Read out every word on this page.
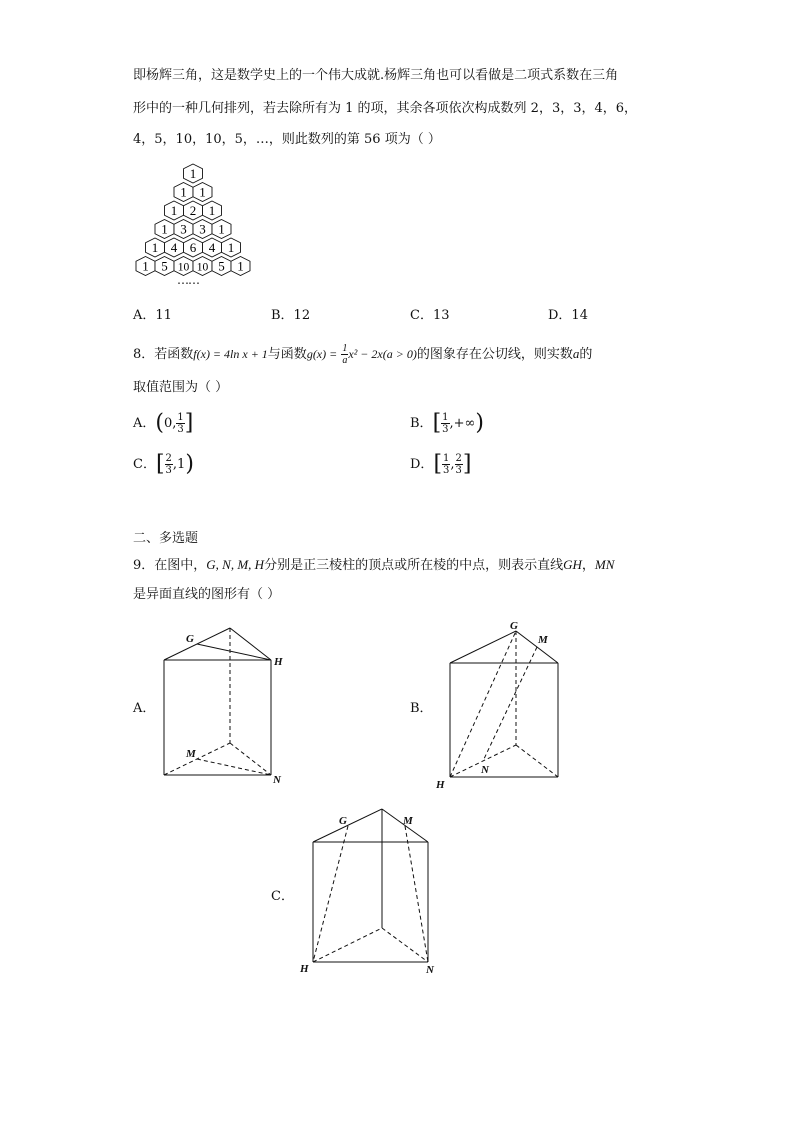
即杨辉三角，这是数学史上的一个伟大成就.杨辉三角也可以看做是二项式系数在三角
形中的一种几何排列，若去除所有为 1 的项，其余各项依次构成数列 2，3，3，4，6，
4，5，10，10，5，…，则此数列的第 56 项为（ ）
1
1 1
1 2 1
1 3 3 1
1 4 6 4 1
1 5 10 10 5 1
……
A．11	B．12	C．13	D．14
8．若函数f(x) = 4ln x + 1与函数$g(x) = \frac{1}{a} x^2 - 2x(a > 0)$的图象存在公切线，则实数a的
取值范围为（ ）
A．(0, $\frac{1}{3}$ ]	B．[ $\frac{1}{3}$ ,+∞)
C．[ $\frac{2}{3} ,1$)	D．[ $\frac{1}{3}$ , $\frac{2}{3}$ ]
二、多选题
9．在图中，G, N, M, H分别是正三棱柱的顶点或所在棱的中点，则表示直线GH，MN
是异面直线的图形有（ ）
A．	B．
C．
G
H
M
N
G
M
N
H
G	M
H	N
